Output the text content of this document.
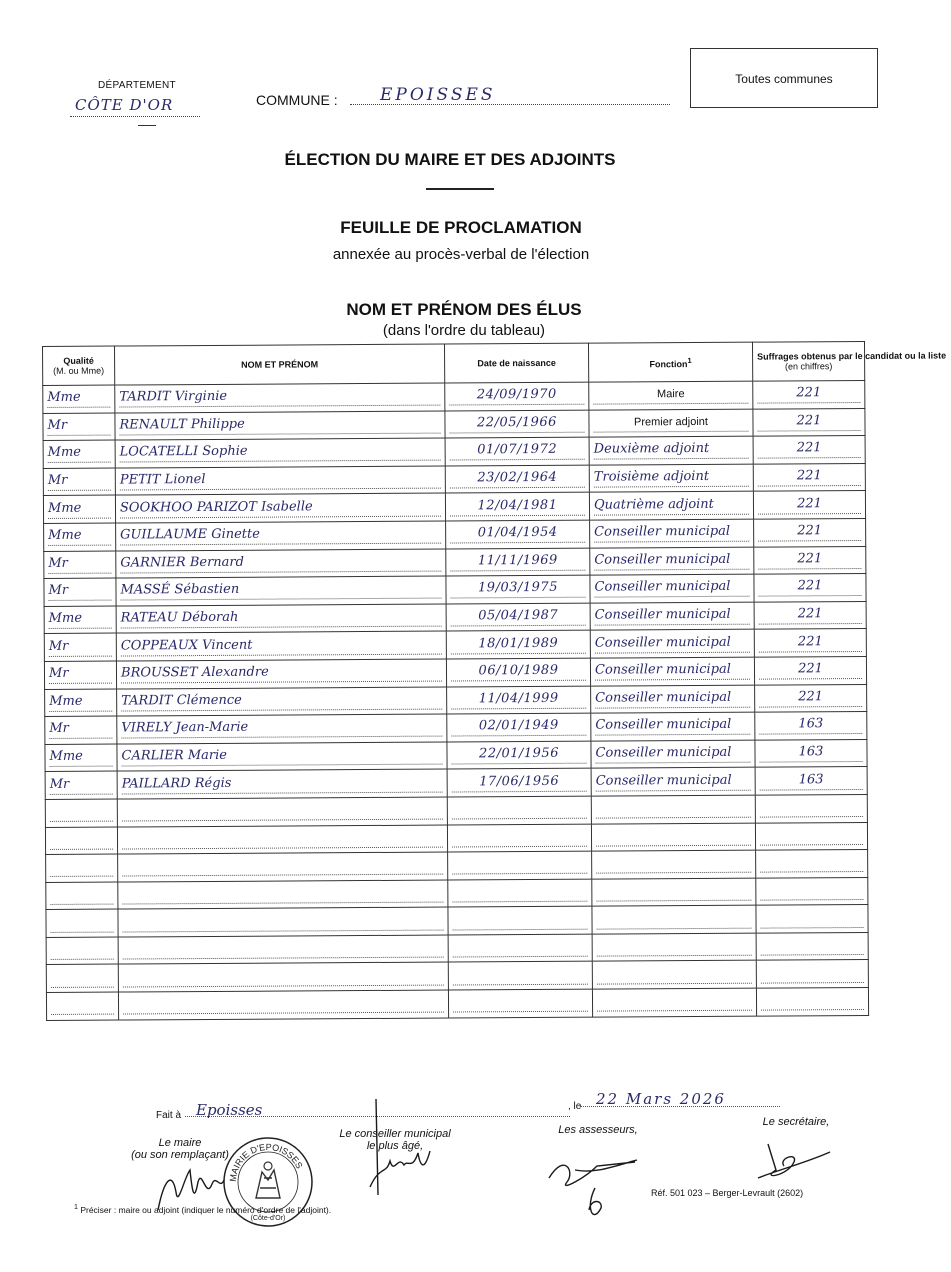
DÉPARTEMENT
CÔTE D'OR	COMMUNE : EPOISSES
Toutes communes
ÉLECTION DU MAIRE ET DES ADJOINTS
FEUILLE DE PROCLAMATION
annexée au procès-verbal de l'élection
NOM ET PRÉNOM DES ÉLUS
(dans l'ordre du tableau)
Qualité
(M. ou Mme)	NOM ET PRÉNOM	Date de naissance	Fonction$^1$	Suffrages obtenus par le candidat ou la liste
(en chiffres)

Mme	TARDIT Virginie	24/09/1970	Maire	221

Mr	RENAULT Philippe	22/05/1966	Premier adjoint	221

Mme	LOCATELLI Sophie	01/07/1972	Deuxième adjoint	221

Mr	PETIT Lionel	23/02/1964	Troisième adjoint	221

Mme	SOOKHOO PARIZOT Isabelle	12/04/1981	Quatrième adjoint	221

Mme	GUILLAUME Ginette	01/04/1954	Conseiller municipal	221

Mr	GARNIER Bernard	11/11/1969	Conseiller municipal	221

Mr	MASSÉ Sébastien	19/03/1975	Conseiller municipal	221

Mme	RATEAU Déborah	05/04/1987	Conseiller municipal	221

Mr	COPPEAUX Vincent	18/01/1989	Conseiller municipal	221

Mr	BROUSSET Alexandre	06/10/1989	Conseiller municipal	221

Mme	TARDIT Clémence	11/04/1999	Conseiller municipal	221

Mr	VIRELY Jean-Marie	02/01/1949	Conseiller municipal	163

Mme	CARLIER Marie	22/01/1956	Conseiller municipal	163

Mr	PAILLARD Régis	17/06/1956	Conseiller municipal	163

Fait à Epoisses	, le 22 Mars 2026
Le maire
(ou son remplaçant)
Le conseiller municipal
le plus âgé,
Les assesseurs,
Le secrétaire,
MAIRIE D'EPOISSES
(Côte-d'Or)
Réf. 501 023 – Berger-Levrault (2602)
$^1$ Préciser : maire ou adjoint (indiquer le numéro d'ordre de l'adjoint).
